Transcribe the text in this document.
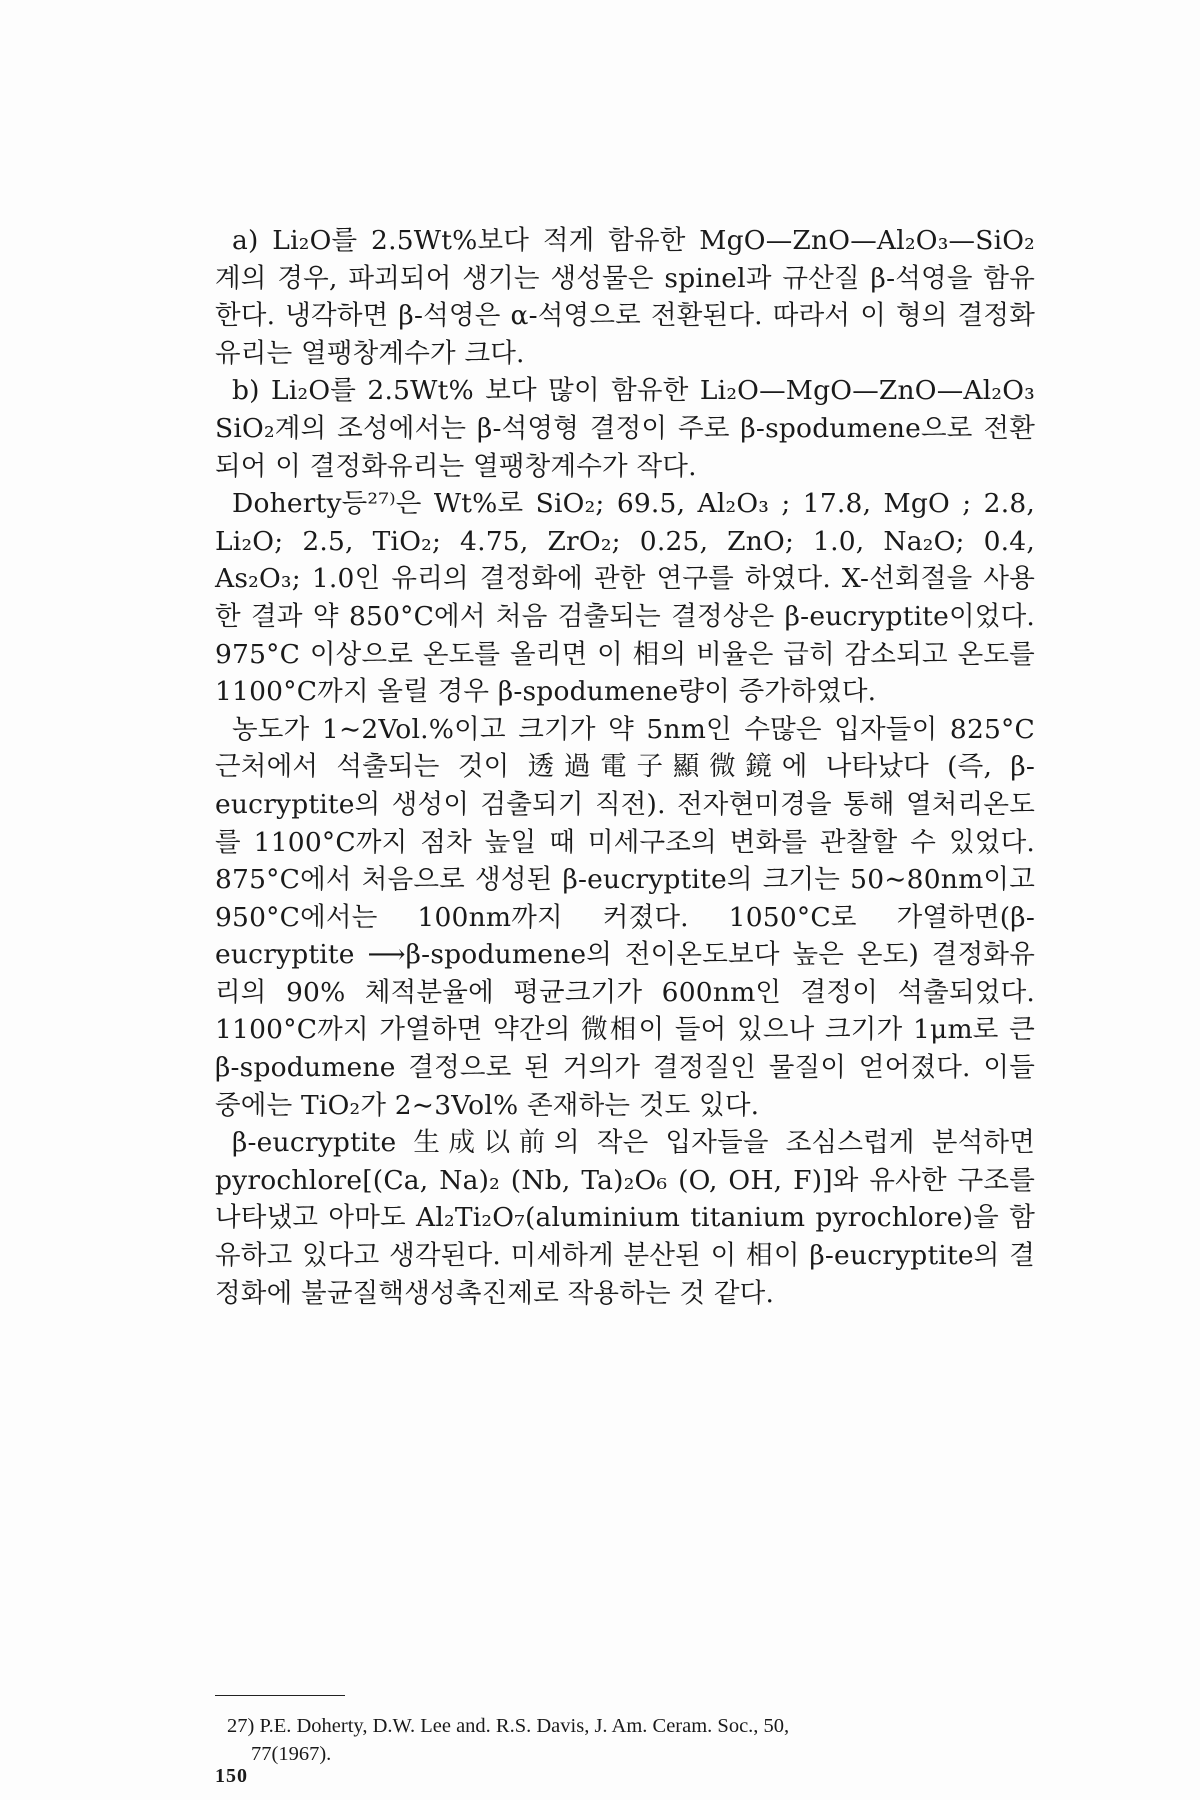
a) Li₂O를 2.5Wt%보다 적게 함유한 MgO—ZnO—Al₂O₃—SiO₂ 계의 경우, 파괴되어 생기는 생성물은 spinel과 규산질 β-석영을 함유한다. 냉각하면 β-석영은 α-석영으로 전환된다. 따라서 이 형의 결정화유리는 열팽창계수가 크다.

b) Li₂O를 2.5Wt% 보다 많이 함유한 Li₂O—MgO—ZnO—Al₂O₃ SiO₂계의 조성에서는 β-석영형 결정이 주로 β-spodumene으로 전환되어 이 결정화유리는 열팽창계수가 작다.

Doherty등²⁷⁾은 Wt%로 SiO₂; 69.5, Al₂O₃ ; 17.8, MgO ; 2.8, Li₂O; 2.5, TiO₂; 4.75, ZrO₂; 0.25, ZnO; 1.0, Na₂O; 0.4, As₂O₃; 1.0인 유리의 결정화에 관한 연구를 하였다. X-선회절을 사용한 결과 약 850°C에서 처음 검출되는 결정상은 β-eucryptite이었다. 975°C 이상으로 온도를 올리면 이 相의 비율은 급히 감소되고 온도를 1100°C까지 올릴 경우 β-spodumene량이 증가하였다.

농도가 1∼2Vol.%이고 크기가 약 5nm인 수많은 입자들이 825°C 근처에서 석출되는 것이 透過電子顯微鏡에 나타났다 (즉, β-eucryptite의 생성이 검출되기 직전). 전자현미경을 통해 열처리온도를 1100°C까지 점차 높일 때 미세구조의 변화를 관찰할 수 있었다. 875°C에서 처음으로 생성된 β-eucryptite의 크기는 50∼80nm이고 950°C에서는 100nm까지 커졌다. 1050°C로 가열하면(β-eucryptite ⟶β-spodumene의 전이온도보다 높은 온도) 결정화유리의 90% 체적분율에 평균크기가 600nm인 결정이 석출되었다. 1100°C까지 가열하면 약간의 微相이 들어 있으나 크기가 1μm로 큰 β-spodumene 결정으로 된 거의가 결정질인 물질이 얻어졌다. 이들 중에는 TiO₂가 2∼3Vol% 존재하는 것도 있다.

β-eucryptite 生成以前의 작은 입자들을 조심스럽게 분석하면 pyrochlore[(Ca, Na)₂ (Nb, Ta)₂O₆ (O, OH, F)]와 유사한 구조를 나타냈고 아마도 Al₂Ti₂O₇(aluminium titanium pyrochlore)을 함유하고 있다고 생각된다. 미세하게 분산된 이 相이 β-eucryptite의 결정화에 불균질핵생성촉진제로 작용하는 것 같다.

27) P.E. Doherty, D.W. Lee and. R.S. Davis, J. Am. Ceram. Soc., 50,
77(1967).
150
